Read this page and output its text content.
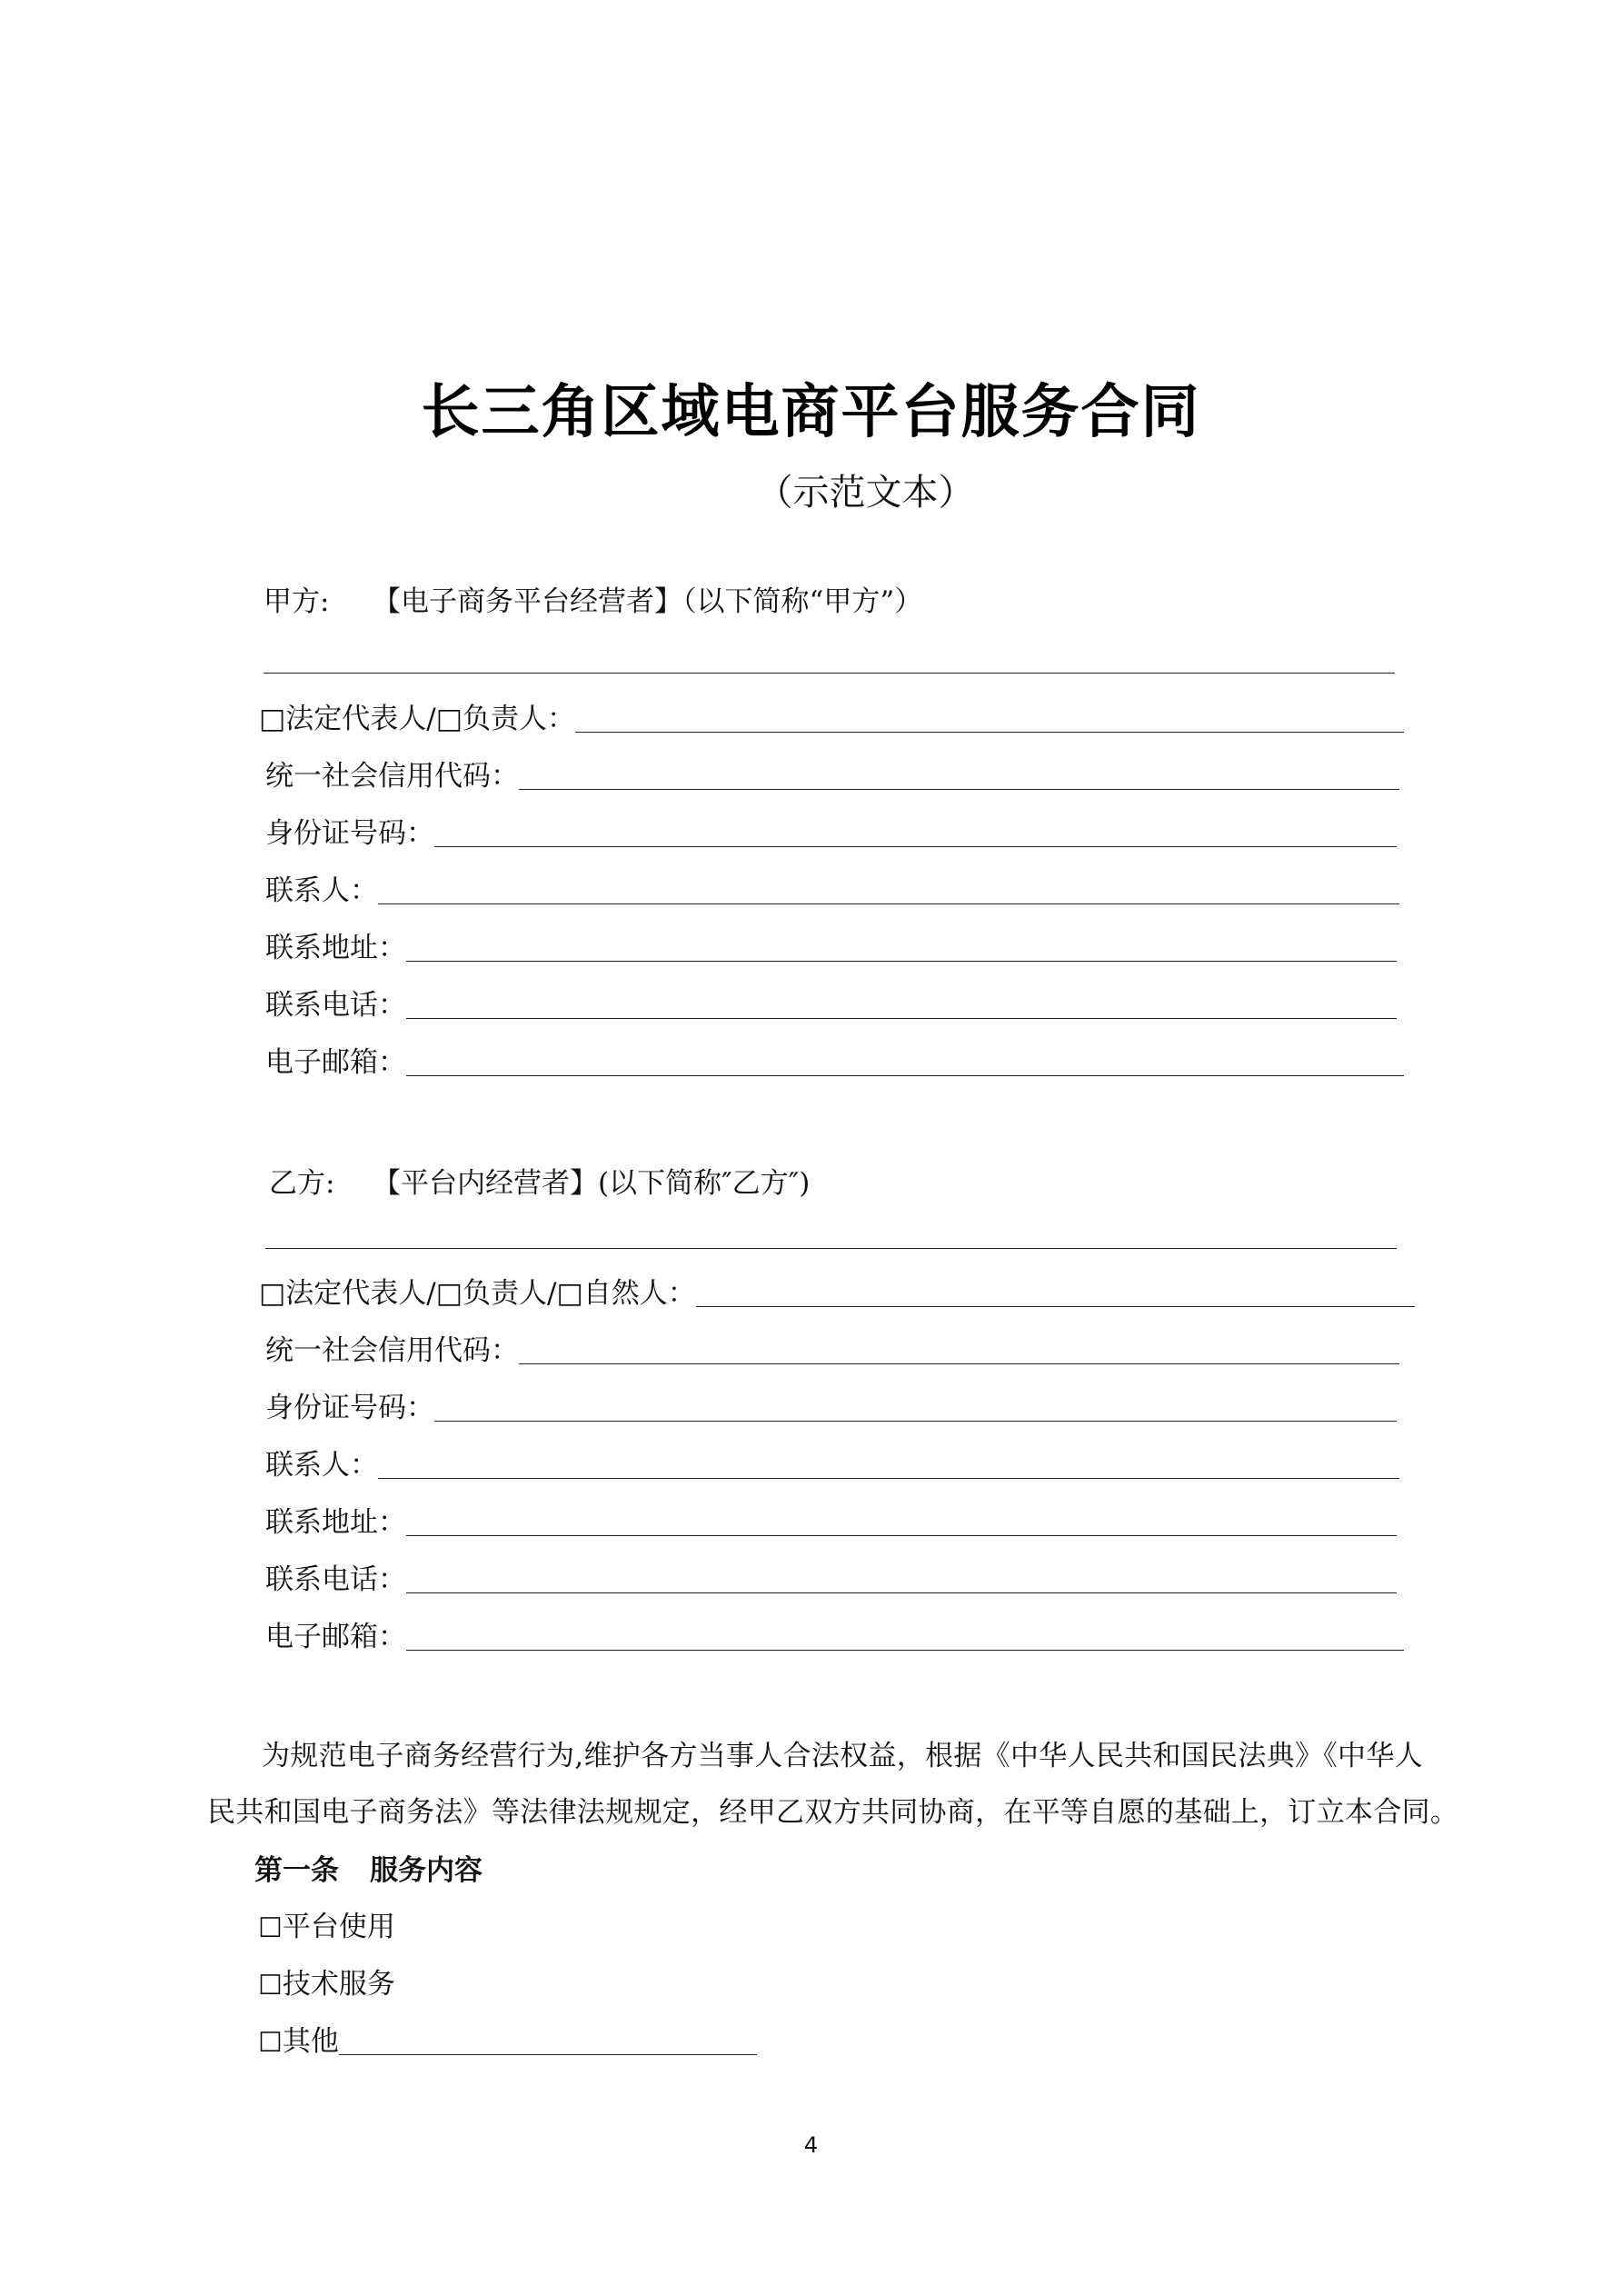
长三角区域电商平台服务合同
（示范文本）
甲方: 【电子商务平台经营者】（以下简称“甲方”）
□法定代表人/□负责人：
统一社会信用代码：
身份证号码：
联系人：
联系地址：
联系电话：
电子邮箱：
乙方: 【平台内经营者】(以下简称″乙方″)
□法定代表人/□负责人/□自然人：
统一社会信用代码：
身份证号码：
联系人：
联系地址：
联系电话：
电子邮箱：
为规范电子商务经营行为,维护各方当事人合法权益，根据《中华人民共和国民法典》《中华人
民共和国电子商务法》等法律法规规定，经甲乙双方共同协商，在平等自愿的基础上，订立本合同。
第一条 服务内容
☐ 平台使用
☐ 技术服务
☐ 其他
4
